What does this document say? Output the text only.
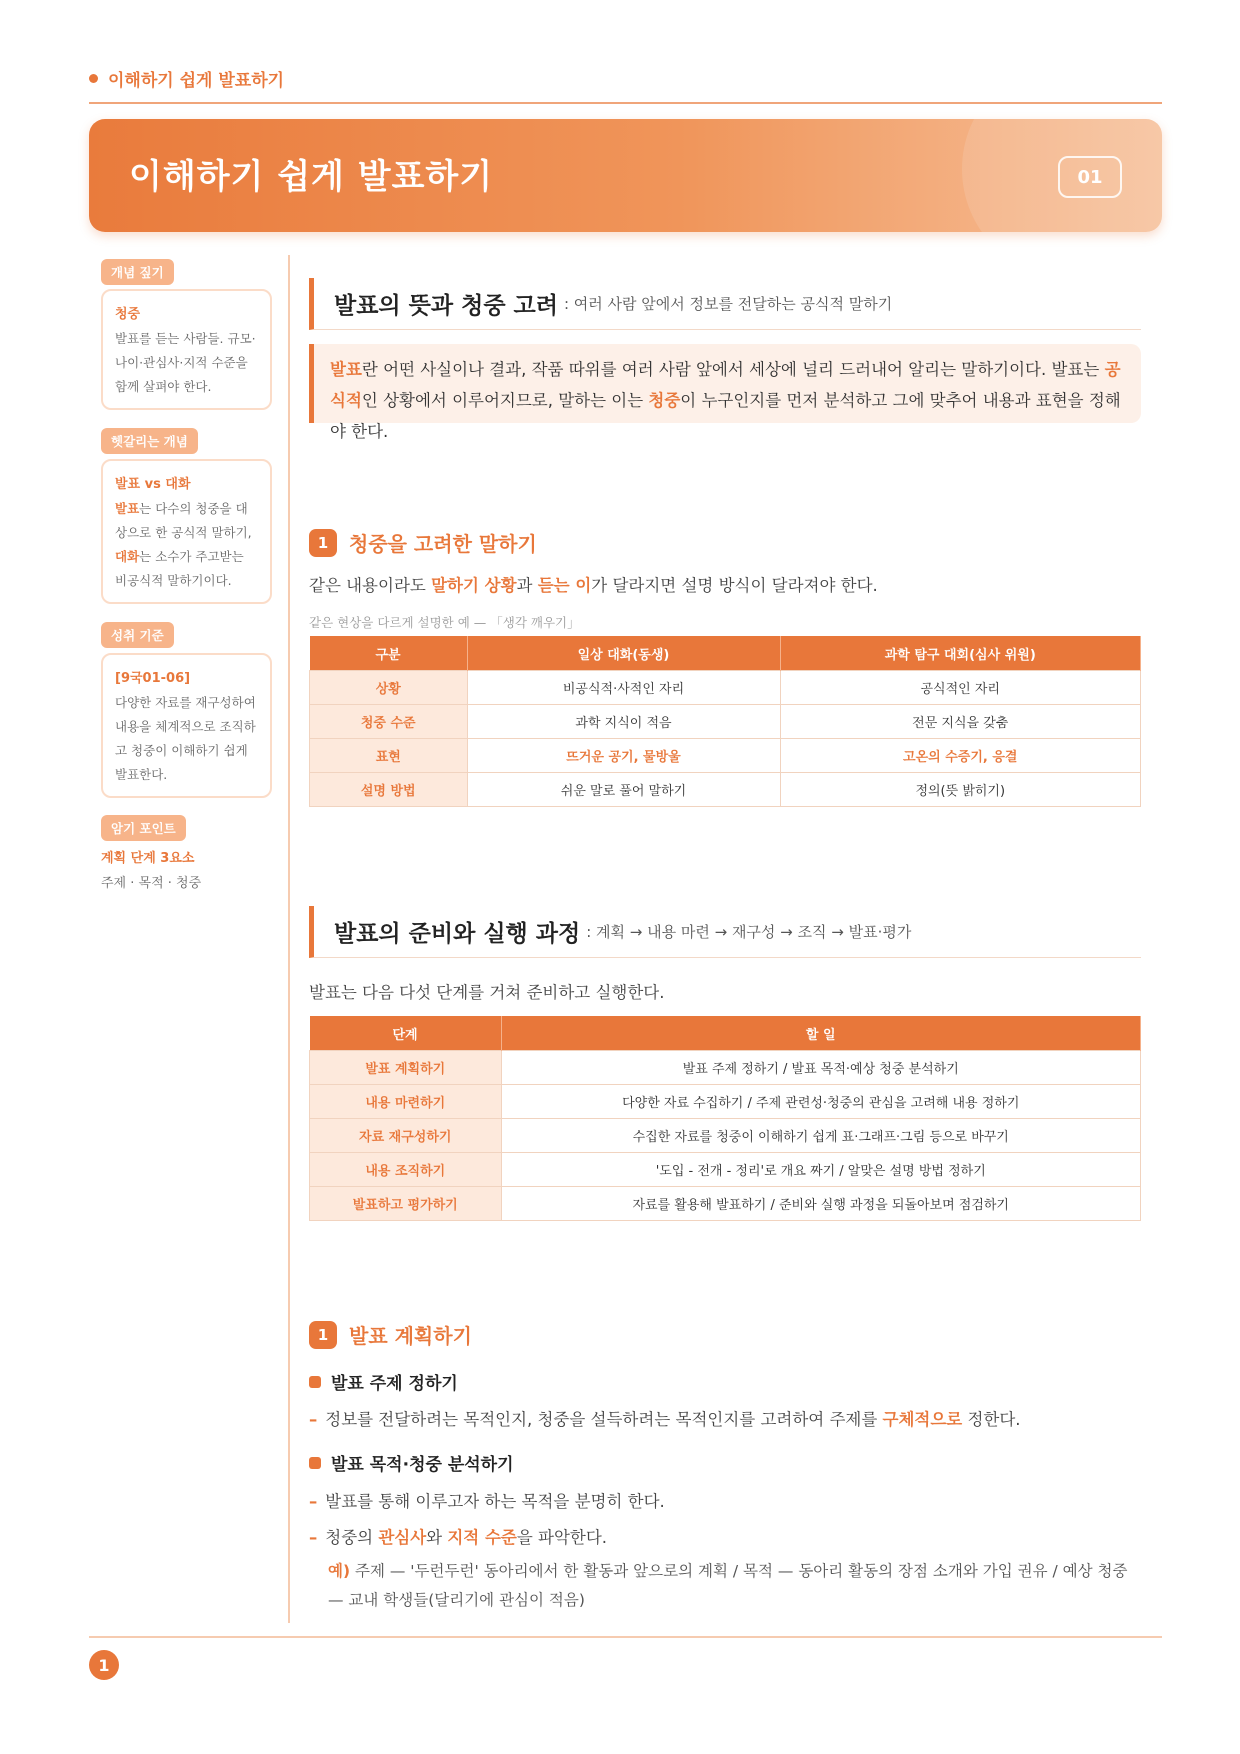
이해하기 쉽게 발표하기
이해하기 쉽게 발표하기	01
개념 짚기
청중
발표를 듣는 사람들. 규모·나이·관심사·지적 수준을 함께 살펴야 한다.
헷갈리는 개념
발표 vs 대화
발표는 다수의 청중을 대상으로 한 공식적 말하기, 대화는 소수가 주고받는 비공식적 말하기이다.
성취 기준
[9국01-06]
다양한 자료를 재구성하여 내용을 체계적으로 조직하고 청중이 이해하기 쉽게 발표한다.
암기 포인트
계획 단계 3요소
주제 · 목적 · 청중
발표의 뜻과 청중 고려 : 여러 사람 앞에서 정보를 전달하는 공식적 말하기
발표란 어떤 사실이나 결과, 작품 따위를 여러 사람 앞에서 세상에 널리 드러내어 알리는 말하기이다. 발표는 공식적인 상황에서 이루어지므로, 말하는 이는 청중이 누구인지를 먼저 분석하고 그에 맞추어 내용과 표현을 정해야 한다.
1	청중을 고려한 말하기
같은 내용이라도 말하기 상황과 듣는 이가 달라지면 설명 방식이 달라져야 한다.
같은 현상을 다르게 설명한 예 — 「생각 깨우기」
구분	일상 대화(동생)	과학 탐구 대회(심사 위원)
상황	비공식적·사적인 자리	공식적인 자리
청중 수준	과학 지식이 적음	전문 지식을 갖춤
표현	뜨거운 공기, 물방울	고온의 수증기, 응결
설명 방법	쉬운 말로 풀어 말하기	정의(뜻 밝히기)
발표의 준비와 실행 과정 : 계획 → 내용 마련 → 재구성 → 조직 → 발표·평가
발표는 다음 다섯 단계를 거쳐 준비하고 실행한다.
단계	할 일
발표 계획하기	발표 주제 정하기 / 발표 목적·예상 청중 분석하기
내용 마련하기	다양한 자료 수집하기 / 주제 관련성·청중의 관심을 고려해 내용 정하기
자료 재구성하기	수집한 자료를 청중이 이해하기 쉽게 표·그래프·그림 등으로 바꾸기
내용 조직하기	'도입 - 전개 - 정리'로 개요 짜기 / 알맞은 설명 방법 정하기
발표하고 평가하기	자료를 활용해 발표하기 / 준비와 실행 과정을 되돌아보며 점검하기
1	발표 계획하기
발표 주제 정하기
– 정보를 전달하려는 목적인지, 청중을 설득하려는 목적인지를 고려하여 주제를 구체적으로 정한다.
발표 목적·청중 분석하기
– 발표를 통해 이루고자 하는 목적을 분명히 한다.
– 청중의 관심사와 지적 수준을 파악한다.
예) 주제 — '두런두런' 동아리에서 한 활동과 앞으로의 계획 / 목적 — 동아리 활동의 장점 소개와 가입 권유 / 예상 청중 — 교내 학생들(달리기에 관심이 적음)
1
